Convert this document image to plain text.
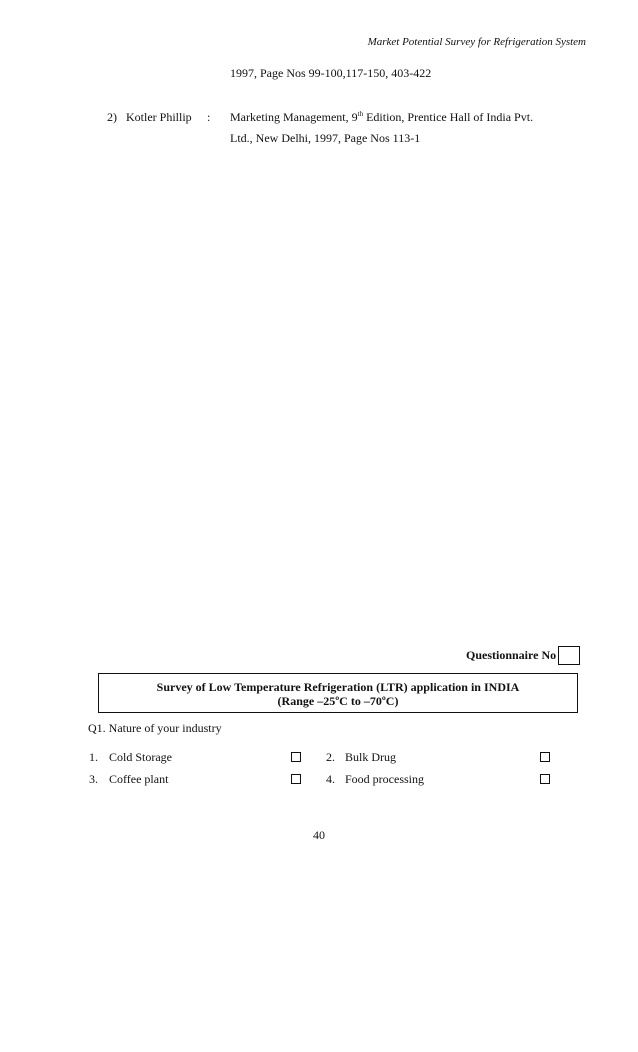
Market Potential Survey for Refrigeration System
1997, Page Nos 99-100,117-150, 403-422
2) Kotler Phillip : Marketing Management, 9th Edition, Prentice Hall of India Pvt.
Ltd., New Delhi, 1997, Page Nos 113-1
Questionnaire No
Survey of Low Temperature Refrigeration (LTR) application in INDIA
(Range –25ºC to –70ºC)
Q1. Nature of your industry
1. Cold Storage	2. Bulk Drug
3. Coffee plant	4. Food processing
40
